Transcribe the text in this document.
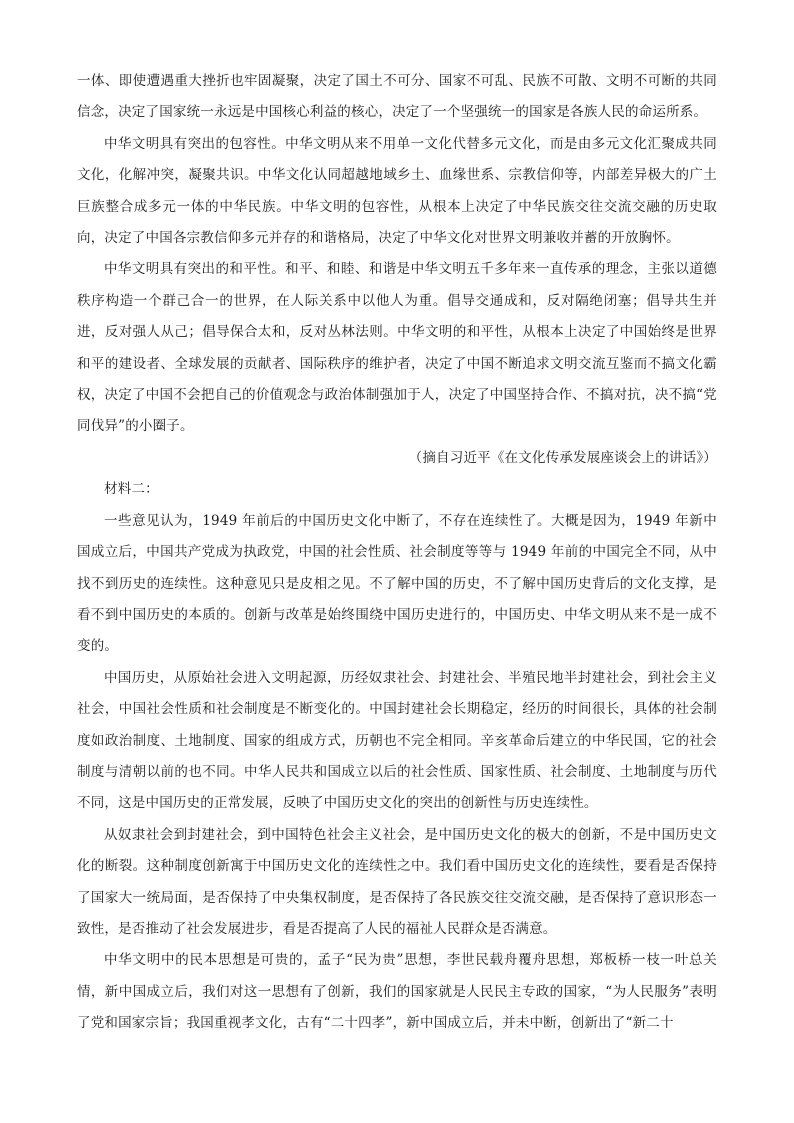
一体、即使遭遇重大挫折也牢固凝聚，决定了国土不可分、国家不可乱、民族不可散、文明不可断的共同信念，决定了国家统一永远是中国核心利益的核心，决定了一个坚强统一的国家是各族人民的命运所系。

中华文明具有突出的包容性。中华文明从来不用单一文化代替多元文化，而是由多元文化汇聚成共同文化，化解冲突，凝聚共识。中华文化认同超越地域乡土、血缘世系、宗教信仰等，内部差异极大的广土巨族整合成多元一体的中华民族。中华文明的包容性，从根本上决定了中华民族交往交流交融的历史取向，决定了中国各宗教信仰多元并存的和谐格局，决定了中华文化对世界文明兼收并蓄的开放胸怀。

中华文明具有突出的和平性。和平、和睦、和谐是中华文明五千多年来一直传承的理念，主张以道德秩序构造一个群己合一的世界，在人际关系中以他人为重。倡导交通成和，反对隔绝闭塞；倡导共生并进，反对强人从己；倡导保合太和，反对丛林法则。中华文明的和平性，从根本上决定了中国始终是世界和平的建设者、全球发展的贡献者、国际秩序的维护者，决定了中国不断追求文明交流互鉴而不搞文化霸权，决定了中国不会把自己的价值观念与政治体制强加于人，决定了中国坚持合作、不搞对抗，决不搞“党同伐异”的小圈子。

（摘自习近平《在文化传承发展座谈会上的讲话》）

材料二：

一些意见认为，1949 年前后的中国历史文化中断了，不存在连续性了。大概是因为，1949 年新中国成立后，中国共产党成为执政党，中国的社会性质、社会制度等等与 1949 年前的中国完全不同，从中找不到历史的连续性。这种意见只是皮相之见。不了解中国的历史，不了解中国历史背后的文化支撑，是看不到中国历史的本质的。创新与改革是始终围绕中国历史进行的，中国历史、中华文明从来不是一成不变的。

中国历史，从原始社会进入文明起源，历经奴隶社会、封建社会、半殖民地半封建社会，到社会主义社会，中国社会性质和社会制度是不断变化的。中国封建社会长期稳定，经历的时间很长，具体的社会制度如政治制度、土地制度、国家的组成方式，历朝也不完全相同。辛亥革命后建立的中华民国，它的社会制度与清朝以前的也不同。中华人民共和国成立以后的社会性质、国家性质、社会制度、土地制度与历代不同，这是中国历史的正常发展，反映了中国历史文化的突出的创新性与历史连续性。

从奴隶社会到封建社会，到中国特色社会主义社会，是中国历史文化的极大的创新，不是中国历史文化的断裂。这种制度创新寓于中国历史文化的连续性之中。我们看中国历史文化的连续性，要看是否保持了国家大一统局面，是否保持了中央集权制度，是否保持了各民族交往交流交融，是否保持了意识形态一致性，是否推动了社会发展进步，看是否提高了人民的福祉人民群众是否满意。

中华文明中的民本思想是可贵的，孟子“民为贵”思想，李世民载舟覆舟思想，郑板桥一枝一叶总关情，新中国成立后，我们对这一思想有了创新，我们的国家就是人民民主专政的国家，“为人民服务”表明了党和国家宗旨；我国重视孝文化，古有“二十四孝”，新中国成立后，并未中断，创新出了“新二十
